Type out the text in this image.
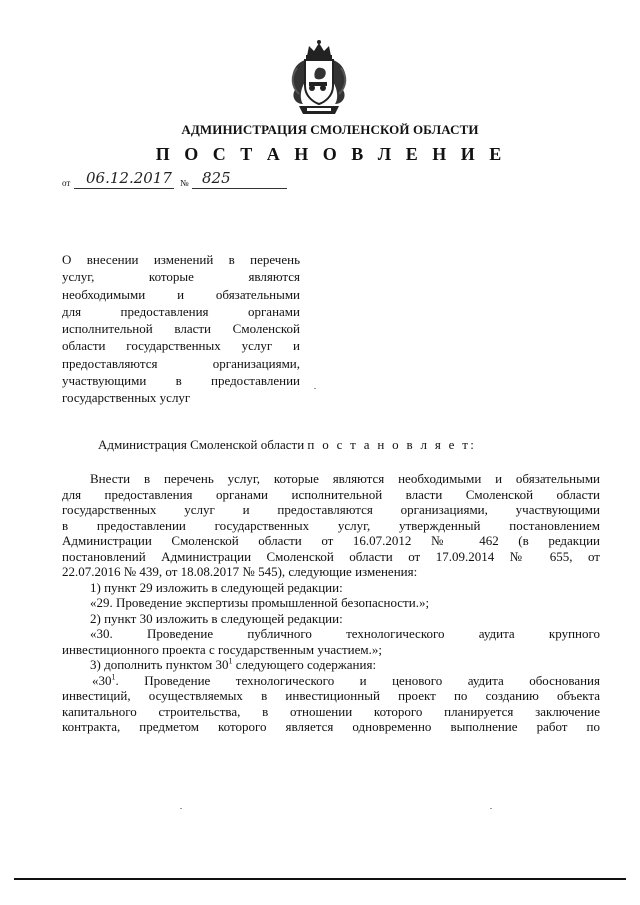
АДМИНИСТРАЦИЯ СМОЛЕНСКОЙ ОБЛАСТИ
П О С Т А Н О В Л Е Н И Е
от 06.12.2017 № 825
О внесении изменений в перечень
услуг, которые являются
необходимыми и обязательными
для предоставления органами
исполнительной власти Смоленской
области государственных услуг и
предоставляются организациями,
участвующими в предоставлении
государственных услуг
Администрация Смоленской области п о с т а н о в л я е т:
Внести в перечень услуг, которые являются необходимыми и обязательными
для предоставления органами исполнительной власти Смоленской области
государственных услуг и предоставляются организациями, участвующими
в предоставлении государственных услуг, утвержденный постановлением
Администрации Смоленской области от 16.07.2012 № 462 (в редакции
постановлений Администрации Смоленской области от 17.09.2014 № 655, от
22.07.2016 № 439, от 18.08.2017 № 545), следующие изменения:
1) пункт 29 изложить в следующей редакции:
«29. Проведение экспертизы промышленной безопасности.»;
2) пункт 30 изложить в следующей редакции:
«30. Проведение публичного технологического аудита крупного
инвестиционного проекта с государственным участием.»;
3) дополнить пунктом $30^1$ следующего содержания:
«$30^1$. Проведение технологического и ценового аудита обоснования
инвестиций, осуществляемых в инвестиционный проект по созданию объекта
капитального строительства, в отношении которого планируется заключение
контракта, предметом которого является одновременно выполнение работ по
